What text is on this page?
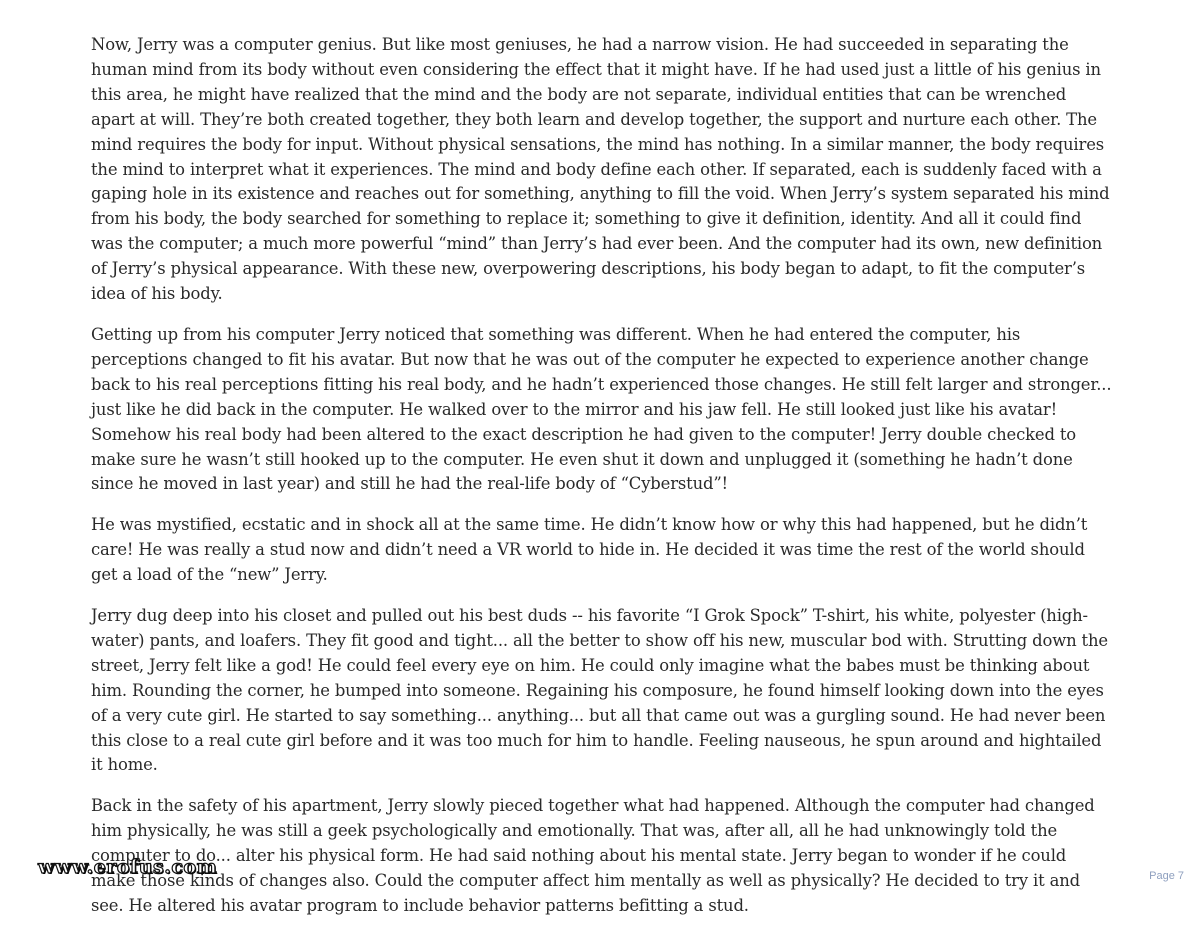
Now, Jerry was a computer genius. But like most geniuses, he had a narrow vision. He had succeeded in separating the human mind from its body without even considering the effect that it might have. If he had used just a little of his genius in this area, he might have realized that the mind and the body are not separate, individual entities that can be wrenched apart at will. They’re both created together, they both learn and develop together, the support and nurture each other. The mind requires the body for input. Without physical sensations, the mind has nothing. In a similar manner, the body requires the mind to interpret what it experiences. The mind and body define each other. If separated, each is suddenly faced with a gaping hole in its existence and reaches out for something, anything to fill the void. When Jerry’s system separated his mind from his body, the body searched for something to replace it; something to give it definition, identity. And all it could find was the computer; a much more powerful “mind” than Jerry’s had ever been. And the computer had its own, new definition of Jerry’s physical appearance. With these new, overpowering descriptions, his body began to adapt, to fit the computer’s idea of his body.

Getting up from his computer Jerry noticed that something was different. When he had entered the computer, his perceptions changed to fit his avatar. But now that he was out of the computer he expected to experience another change back to his real perceptions fitting his real body, and he hadn’t experienced those changes. He still felt larger and stronger... just like he did back in the computer. He walked over to the mirror and his jaw fell. He still looked just like his avatar! Somehow his real body had been altered to the exact description he had given to the computer! Jerry double checked to make sure he wasn’t still hooked up to the computer. He even shut it down and unplugged it (something he hadn’t done since he moved in last year) and still he had the real-life body of “Cyberstud”!

He was mystified, ecstatic and in shock all at the same time. He didn’t know how or why this had happened, but he didn’t care! He was really a stud now and didn’t need a VR world to hide in. He decided it was time the rest of the world should get a load of the “new” Jerry.

Jerry dug deep into his closet and pulled out his best duds -- his favorite “I Grok Spock” T-shirt, his white, polyester (high-water) pants, and loafers. They fit good and tight... all the better to show off his new, muscular bod with. Strutting down the street, Jerry felt like a god! He could feel every eye on him. He could only imagine what the babes must be thinking about him. Rounding the corner, he bumped into someone. Regaining his composure, he found himself looking down into the eyes of a very cute girl. He started to say something... anything... but all that came out was a gurgling sound. He had never been this close to a real cute girl before and it was too much for him to handle. Feeling nauseous, he spun around and hightailed it home.

Back in the safety of his apartment, Jerry slowly pieced together what had happened. Although the computer had changed him physically, he was still a geek psychologically and emotionally. That was, after all, all he had unknowingly told the computer to do... alter his physical form. He had said nothing about his mental state. Jerry began to wonder if he could make those kinds of changes also. Could the computer affect him mentally as well as physically? He decided to try it and see. He altered his avatar program to include behavior patterns befitting a stud.

www.erofus.com	Page 7
